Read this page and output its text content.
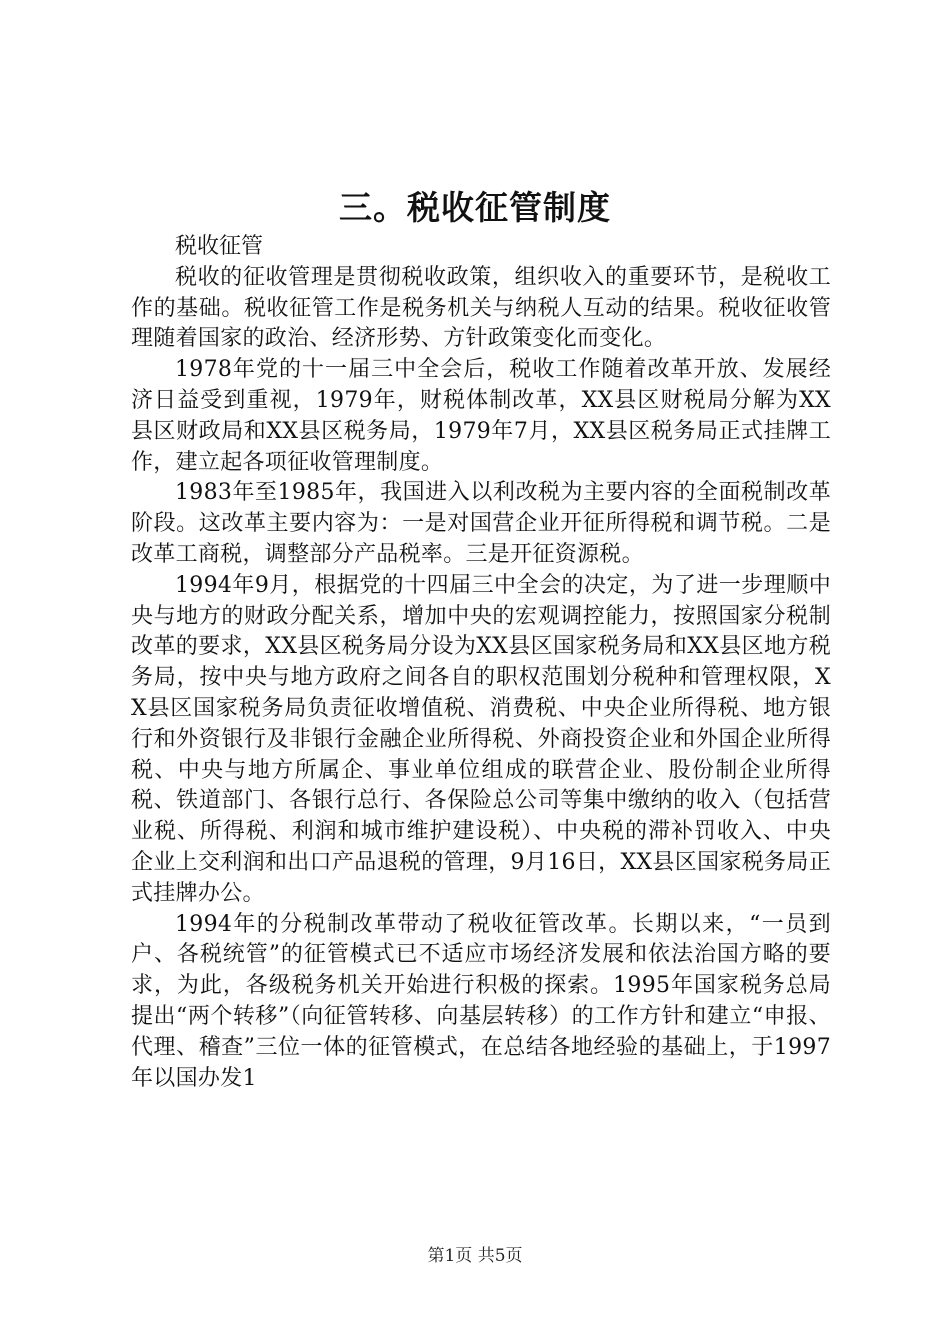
三。税收征管制度

税收征管

税收的征收管理是贯彻税收政策，组织收入的重要环节，是税收工作的基础。税收征管工作是税务机关与纳税人互动的结果。税收征收管理随着国家的政治、经济形势、方针政策变化而变化。

1978年党的十一届三中全会后，税收工作随着改革开放、发展经济日益受到重视，1979年，财税体制改革，XX县区财税局分解为XX县区财政局和XX县区税务局，1979年7月，XX县区税务局正式挂牌工作，建立起各项征收管理制度。

1983年至1985年，我国进入以利改税为主要内容的全面税制改革阶段。这改革主要内容为：一是对国营企业开征所得税和调节税。二是改革工商税，调整部分产品税率。三是开征资源税。

1994年9月，根据党的十四届三中全会的决定，为了进一步理顺中央与地方的财政分配关系，增加中央的宏观调控能力，按照国家分税制改革的要求，XX县区税务局分设为XX县区国家税务局和XX县区地方税务局，按中央与地方政府之间各自的职权范围划分税种和管理权限，XX县区国家税务局负责征收增值税、消费税、中央企业所得税、地方银行和外资银行及非银行金融企业所得税、外商投资企业和外国企业所得税、中央与地方所属企、事业单位组成的联营企业、股份制企业所得税、铁道部门、各银行总行、各保险总公司等集中缴纳的收入（包括营业税、所得税、利润和城市维护建设税）、中央税的滞补罚收入、中央企业上交利润和出口产品退税的管理，9月16日，XX县区国家税务局正式挂牌办公。

1994年的分税制改革带动了税收征管改革。长期以来，“一员到户、各税统管”的征管模式已不适应市场经济发展和依法治国方略的要求，为此，各级税务机关开始进行积极的探索。1995年国家税务总局提出“两个转移”（向征管转移、向基层转移）的工作方针和建立“申报、代理、稽查”三位一体的征管模式，在总结各地经验的基础上，于1997年以国办发1

第1页 共5页
